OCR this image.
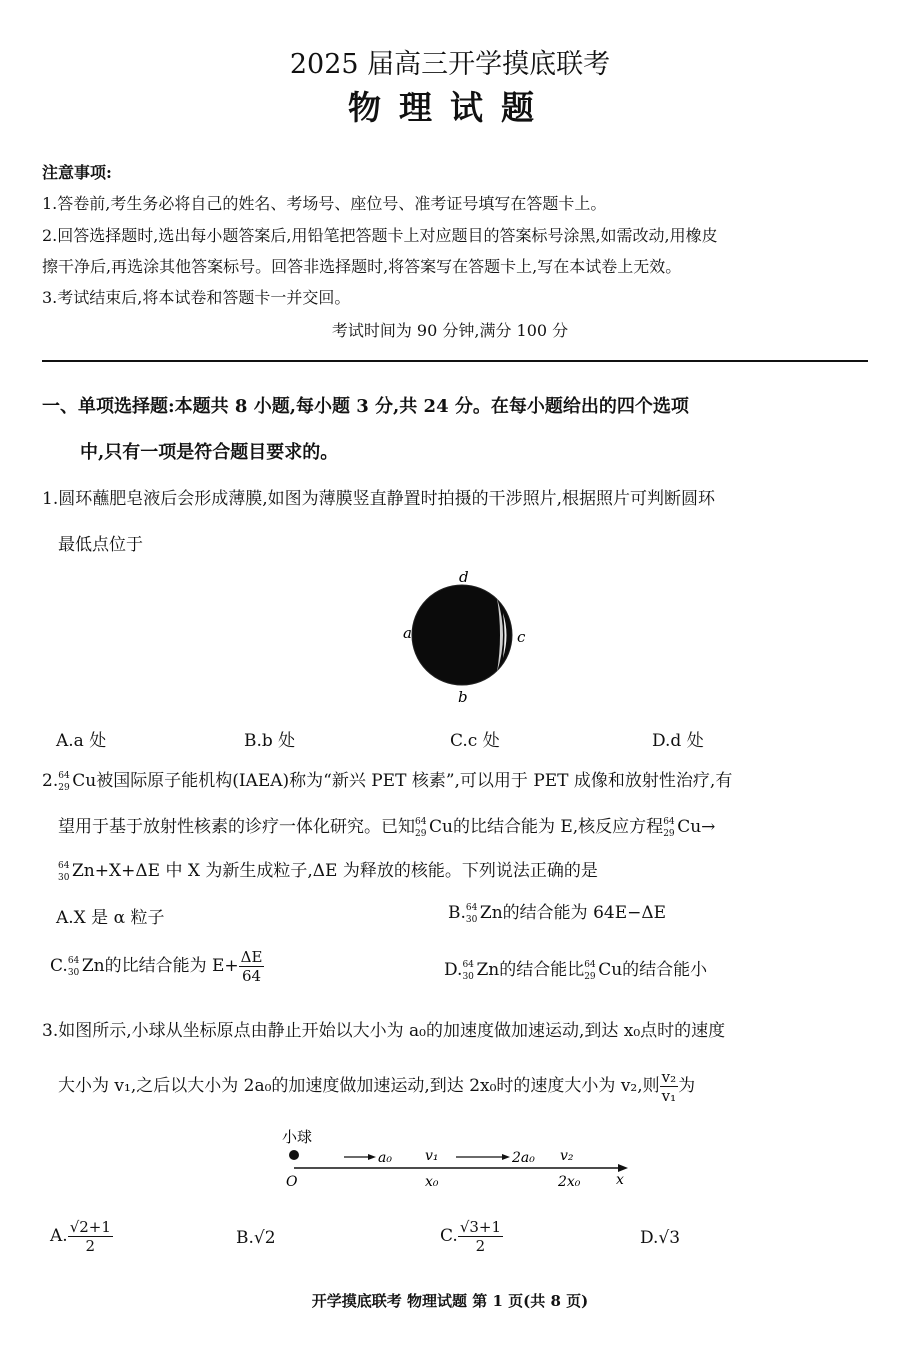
2025 届高三开学摸底联考
物理试题
注意事项:
1.答卷前,考生务必将自己的姓名、考场号、座位号、准考证号填写在答题卡上。
2.回答选择题时,选出每小题答案后,用铅笔把答题卡上对应题目的答案标号涂黑,如需改动,用橡皮
擦干净后,再选涂其他答案标号。回答非选择题时,将答案写在答题卡上,写在本试卷上无效。
3.考试结束后,将本试卷和答题卡一并交回。
考试时间为 90 分钟,满分 100 分
一、单项选择题:本题共 8 小题,每小题 3 分,共 24 分。在每小题给出的四个选项
中,只有一项是符合题目要求的。
1.圆环蘸肥皂液后会形成薄膜,如图为薄膜竖直静置时拍摄的干涉照片,根据照片可判断圆环
最低点位于
d
a	c
b
A.a 处	B.b 处	C.c 处	D.d 处
2. 64
29 Cu被国际原子能机构(IAEA)称为“新兴 PET 核素”,可以用于 PET 成像和放射性治疗,有
望用于基于放射性核素的诊疗一体化研究。已知 64
29 Cu的比结合能为 E,核反应方程 64
29 Cu→
64
30 Zn+X+ΔE 中 X 为新生成粒子,ΔE 为释放的核能。下列说法正确的是
A.X 是 α 粒子	B. 64
30 Zn的结合能为 64E−ΔE
C. 64
30 Zn的比结合能为 $E+ \frac{\Delta E}{64}$	D. 64
30 Zn的结合能比 64
29 Cu的结合能小
3.如图所示,小球从坐标原点由静止开始以大小为 a₀的加速度做加速运动,到达 x₀点时的速度
大小为 v₁,之后以大小为 2a₀的加速度做加速运动,到达 2x₀时的速度大小为 v₂,则 $\frac{\text{v₂}}{\text{v₁}}$ 为
小球
a₀ v₁	2a₀ v₂
O	x₀	2x₀	x
A. $\frac{√2+1}{2}$	B.√2	C. $\frac{√3+1}{2}$	D.√3
开学摸底联考 物理试题 第 1 页(共 8 页)
